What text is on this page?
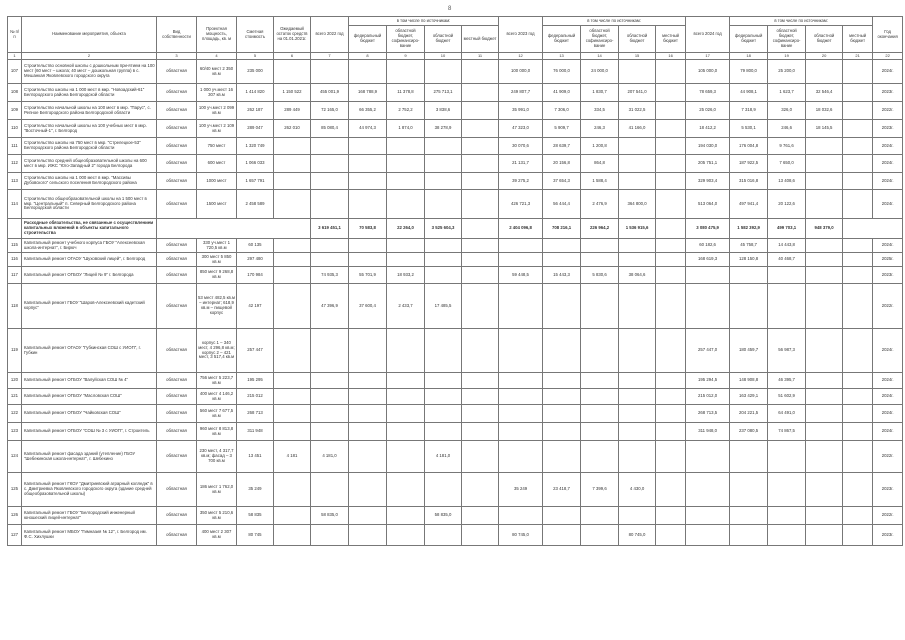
8
№ п/п	Наименование мероприятия, объекта	Вид собственности	Проектная мощность, площадь, кв. м	Сметная стоимость	Ожидаемый остаток средств на 01.01.2021г.	всего 2022 год	в том числе по источникам:				всего 2023 год	в том числе по источникам:				всего 2024 год	в том числе по источникам:				Год окончания
							федеральный бюджет	областной бюджет, софинансиро-вание	областной бюджет	местный бюджет		федеральный бюджет	областной бюджет, софинансиро-вание	областной бюджет	местный бюджет		федеральный бюджет	областной бюджет, софинансиро-вание	областной бюджет	местный бюджет	
1	2	3	4	5	6	7	8	9	10	11	12	13	14	15	16	17	18	19	20	21	22
107	Строительство основной школы с дошкольным при-ятием на 100 мест (60 мест – школа; 40 мест – дошкольная группа) в с. Мешанкая Яковлевского городского округа	областная	60/40 мест 2 350 кв.м	235 000							100 000,0	76 000,0	24 000,0			105 000,0	79 800,0	25 200,0			2024г.
108	Строительство школы на 1 000 мест в мкр. "Новоадский-61" Белгородского района Белгородской области	областная	1 000 уч.мест 16 307 кв.м	1 414 820	1 150 522	455 001,9	168 788,9	11 378,8	275 713,1		249 807,7	41 909,0	1 830,7	207 541,0		78 659,3	44 908,1	1 623,7	32 546,4		2023г.
109	Строительство начальной школы на 100 мест в мкр. "Парус", с. Репное Белгородского района Белгородской области	областная	100 уч.мест 2 099 кв.м	262 187	289 449	72 165,0	66 355,2	2 752,2	3 838,6		35 991,0	7 306,0	334,5	31 022,5		25 026,0	7 318,9	326,0	18 032,6		2022г.
110	Строительство начальной школы на 100 учебных мест в мкр. "Восточный-1", г. Белгород	областная	100 уч.мест 2 109 кв.м	289 047	262 010	85 080,4	44 974,3	1 874,0	38 278,9		47 323,0	5 909,7	246,3	41 166,0		18 412,2	5 530,1	246,6	18 145,5		2023г.
111	Строительство школы на 750 мест в мкр. "Стрелецкое-53" Белгородского района Белгородской области	областная	750 мест	1 320 749							30 070,6	28 639,7	1 200,8			194 030,0	176 004,8	9 761,6			2024г.
112	Строительство средней общеобразовательной школы на 600 мест в мкр. ИЖС "Юго-Западный 2" города Белгорода	областная	600 мест	1 066 033							21 131,7	20 156,8	864,8			205 751,1	187 922,5	7 650,0			2024г.
113	Строительство школы на 1 000 мест в мкр. "Массивы Дубовского" сельского поселения Белгородского района	областная	1000 мест	1 657 791							39 275,2	37 654,3	1 588,4			329 903,4	315 016,8	13 408,6			2024г.
114	Строительство общеобразовательной школы на 1 500 мест в мкр. "Центральный" п. Северный Белгородского района Белгородской области	областная	1500 мест	2 458 589							426 721,3	56 444,4	2 476,9	364 800,0		513 064,0	497 941,4	20 122,6			2024г.
	Расходные обязательства, не связанные с осуществлением капитальных вложений в объекты капитального строительства					3 619 451,1	70 583,8	22 264,0	3 525 604,3		2 404 096,8	708 216,1	226 964,2	1 536 915,6		3 080 475,9	1 582 392,9	499 703,1	948 379,0		
115	Капитальный ремонт учебного корпуса ГБОУ "Алексеевская школа-интернат", г. Бирюч	областная	330 уч.мест 1 720,5 кв.м	60 135												60 182,6	45 758,7	14 443,8			2024г.
116	Капитальный ремонт ОГАОУ "Шуховский лицей", г. Белгород	областная	300 мест 5 850 кв.м	297 480												168 619,3	128 150,8	40 468,7			2025г.
117	Капитальный ремонт ОГБОУ "Лицей № 9" г. Белгорода	областная	850 мест 9 268,8 кв.м	170 984		74 935,3	55 701,9	18 933,2			59 448,5	15 443,3	5 830,6	38 064,6							2023г.
118	Капитальный ремонт ГБОУ "Шаров-Алексеевский кадетский корпус"	областная	53 мест 482,5 кв.м – интернат; 618,9 кв.м – пищевой корпус	42 197		47 396,9	37 600,4	2 433,7	17 485,5												2022г.
119	Капитальный ремонт ОГАОУ "Губкинская СОШ с УИОП", г. Губкин	областная	корпус 1 – 340 мест, 4 296,8 кв.м; корпус 2 – 421 мест, 3 517,4 кв.м	257 447												257 447,0	180 459,7	56 987,3			2024г.
120	Капитальный ремонт ОГБОУ "Валуйская СОШ № 4"	областная	756 мест 5 223,7 кв.м	195 295												195 294,5	148 908,8	46 395,7			2024г.
121	Капитальный ремонт ОГБОУ "Масловская СОШ"	областная	400 мест 4 146,2 кв.м	215 012												215 012,0	163 429,1	51 602,9			2024г.
122	Капитальный ремонт ОГБОУ "Чайковская СОШ"	областная	560 мест 7 677,5 кв.м	268 713												268 713,5	204 221,5	64 491,0			2024г.
123	Капитальный ремонт ОГБОУ "СОШ № 3 с УИОП", г. Строитель	областная	960 мест 8 813,8 кв.м	311 948												311 948,0	237 080,5	74 867,5			2024г.
124	Капитальный ремонт фасада зданий (утепление) ГБОУ "Шебекинская школа-интернат", г. Шебекино	областная	230 мест, 4 317,7 кв.м; фасад – 3 700 кв.м	13 451	4 181	4 181,0			4 181,0												2022г.
125	Капитальный ремонт ГКОУ "Дмитриевский аграрный колледж" в с. Дмитриевка Яковлевского городского округа (здание средней общеобразовательной школы)	областная	186 мест 1 762,0 кв.м	35 249							35 249	23 418,7	7 399,6	4 430,0							2023г.
126	Капитальный ремонт ГБОУ "Белгородский инженерный юношеский лицей-интернат"	областная	350 мест 5 210,6 кв.м	58 835		58 835,0			58 835,0												2022г.
127	Капитальный ремонт МБОУ "Гимназия № 12", г. Белгород им. Ф.С. Хихлушки	областная	400 мест 2 307 кв.м	80 745							80 745,0			80 745,0							2023г.
